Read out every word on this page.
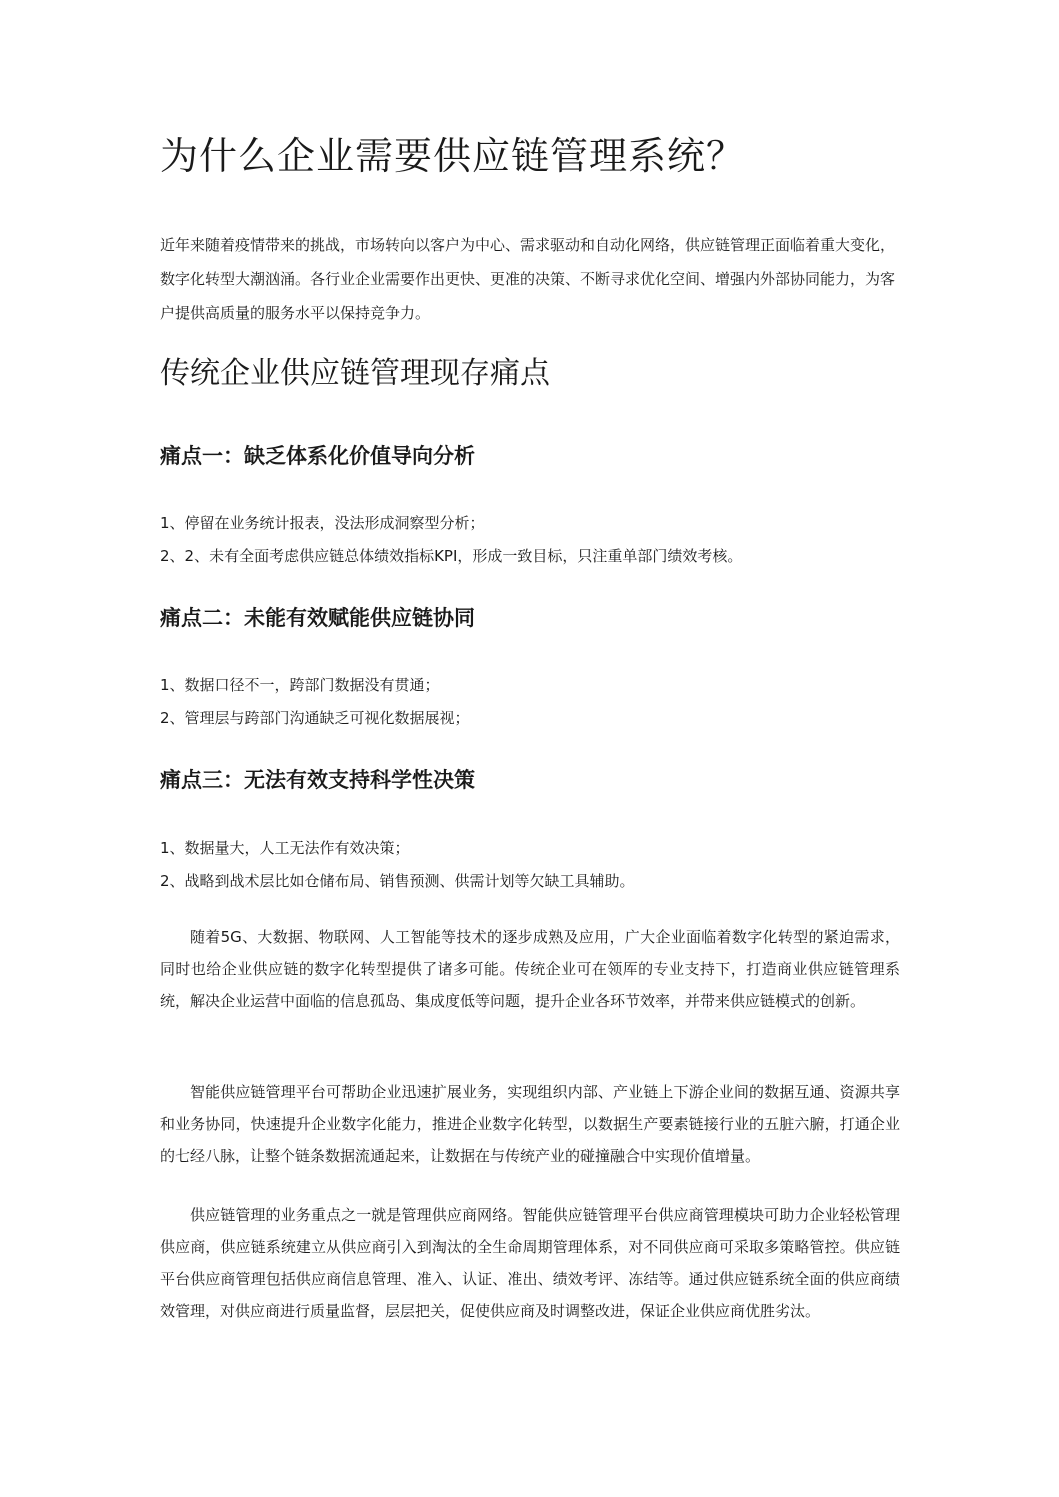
为什么企业需要供应链管理系统？

近年来随着疫情带来的挑战，市场转向以客户为中心、需求驱动和自动化网络，供应链管理正面临着重大变化，数字化转型大潮汹涌。各行业企业需要作出更快、更准的决策、不断寻求优化空间、增强内外部协同能力，为客户提供高质量的服务水平以保持竞争力。

传统企业供应链管理现存痛点
痛点一：缺乏体系化价值导向分析
1、停留在业务统计报表，没法形成洞察型分析；
2、2、未有全面考虑供应链总体绩效指标KPI，形成一致目标，只注重单部门绩效考核。
痛点二：未能有效赋能供应链协同
1、数据口径不一，跨部门数据没有贯通；
2、管理层与跨部门沟通缺乏可视化数据展视；
痛点三：无法有效支持科学性决策
1、数据量大，人工无法作有效决策；
2、战略到战术层比如仓储布局、销售预测、供需计划等欠缺工具辅助。

随着5G、大数据、物联网、人工智能等技术的逐步成熟及应用，广大企业面临着数字化转型的紧迫需求，同时也给企业供应链的数字化转型提供了诸多可能。传统企业可在领厍的专业支持下，打造商业供应链管理系统，解决企业运营中面临的信息孤岛、集成度低等问题，提升企业各环节效率，并带来供应链模式的创新。

智能供应链管理平台可帮助企业迅速扩展业务，实现组织内部、产业链上下游企业间的数据互通、资源共享和业务协同，快速提升企业数字化能力，推进企业数字化转型，以数据生产要素链接行业的五脏六腑，打通企业的七经八脉，让整个链条数据流通起来，让数据在与传统产业的碰撞融合中实现价值增量。

供应链管理的业务重点之一就是管理供应商网络。智能供应链管理平台供应商管理模块可助力企业轻松管理供应商，供应链系统建立从供应商引入到淘汰的全生命周期管理体系，对不同供应商可采取多策略管控。供应链平台供应商管理包括供应商信息管理、准入、认证、准出、绩效考评、冻结等。通过供应链系统全面的供应商绩效管理，对供应商进行质量监督，层层把关，促使供应商及时调整改进，保证企业供应商优胜劣汰。
